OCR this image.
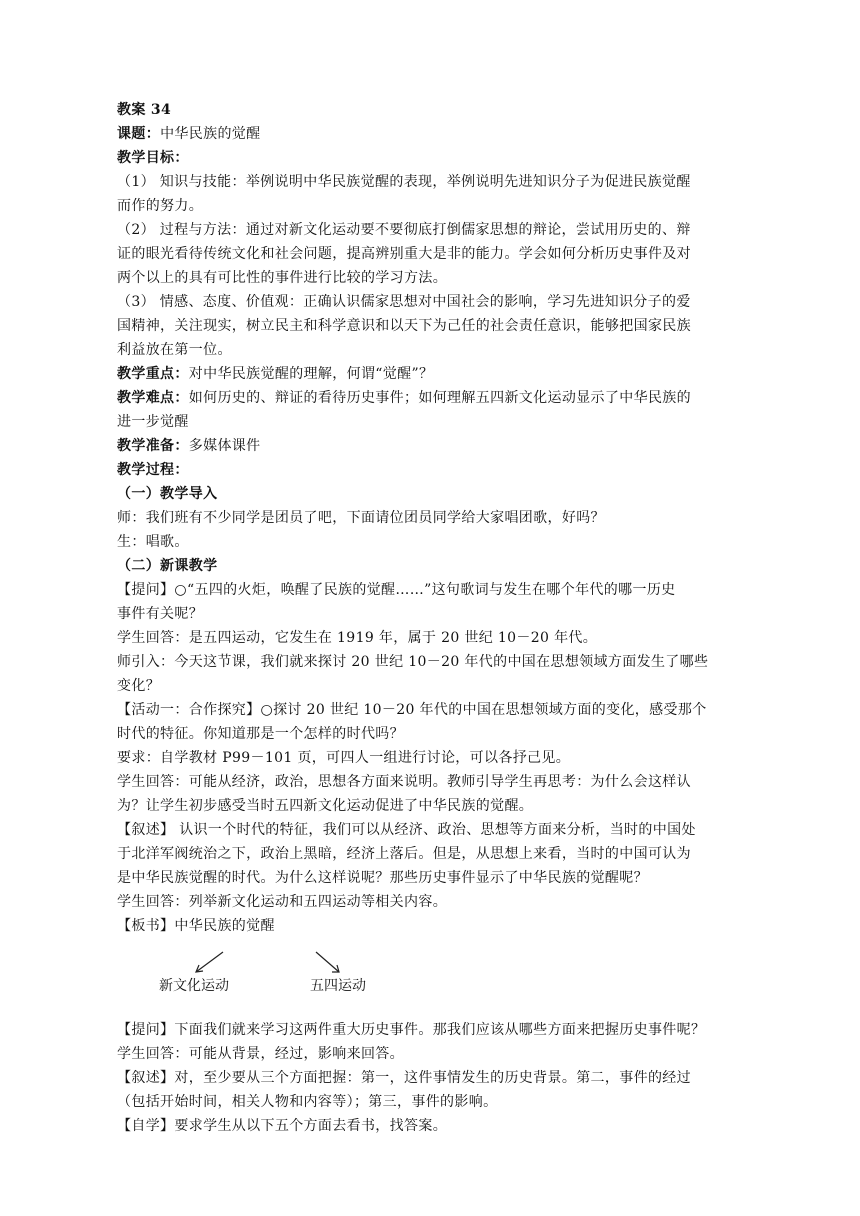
教案 34
课题：中华民族的觉醒
教学目标：
（1） 知识与技能：举例说明中华民族觉醒的表现，举例说明先进知识分子为促进民族觉醒
而作的努力。
（2） 过程与方法：通过对新文化运动要不要彻底打倒儒家思想的辩论，尝试用历史的、辩
证的眼光看待传统文化和社会问题，提高辨别重大是非的能力。学会如何分析历史事件及对
两个以上的具有可比性的事件进行比较的学习方法。
（3） 情感、态度、价值观：正确认识儒家思想对中国社会的影响，学习先进知识分子的爱
国精神，关注现实，树立民主和科学意识和以天下为己任的社会责任意识，能够把国家民族
利益放在第一位。
教学重点：对中华民族觉醒的理解，何谓“觉醒”？
教学难点：如何历史的、辩证的看待历史事件；如何理解五四新文化运动显示了中华民族的
进一步觉醒
教学准备：多媒体课件
教学过程：
（一）教学导入
师：我们班有不少同学是团员了吧，下面请位团员同学给大家唱团歌，好吗？
生：唱歌。
（二）新课教学
【提问】○“五四的火炬，唤醒了民族的觉醒……”这句歌词与发生在哪个年代的哪一历史
事件有关呢？
学生回答：是五四运动，它发生在 1919 年，属于 20 世纪 10－20 年代。
师引入：今天这节课，我们就来探讨 20 世纪 10－20 年代的中国在思想领域方面发生了哪些
变化？
【活动一：合作探究】○探讨 20 世纪 10－20 年代的中国在思想领域方面的变化，感受那个
时代的特征。你知道那是一个怎样的时代吗？
要求：自学教材 P99－101 页，可四人一组进行讨论，可以各抒己见。
学生回答：可能从经济，政治，思想各方面来说明。教师引导学生再思考：为什么会这样认
为？让学生初步感受当时五四新文化运动促进了中华民族的觉醒。
【叙述】 认识一个时代的特征，我们可以从经济、政治、思想等方面来分析，当时的中国处
于北洋军阀统治之下，政治上黑暗，经济上落后。但是，从思想上来看，当时的中国可认为
是中华民族觉醒的时代。为什么这样说呢？那些历史事件显示了中华民族的觉醒呢？
学生回答：列举新文化运动和五四运动等相关内容。
【板书】中华民族的觉醒
新文化运动	五四运动
【提问】下面我们就来学习这两件重大历史事件。那我们应该从哪些方面来把握历史事件呢？
学生回答：可能从背景，经过，影响来回答。
【叙述】对，至少要从三个方面把握：第一，这件事情发生的历史背景。第二，事件的经过
（包括开始时间，相关人物和内容等）；第三，事件的影响。
【自学】要求学生从以下五个方面去看书，找答案。
